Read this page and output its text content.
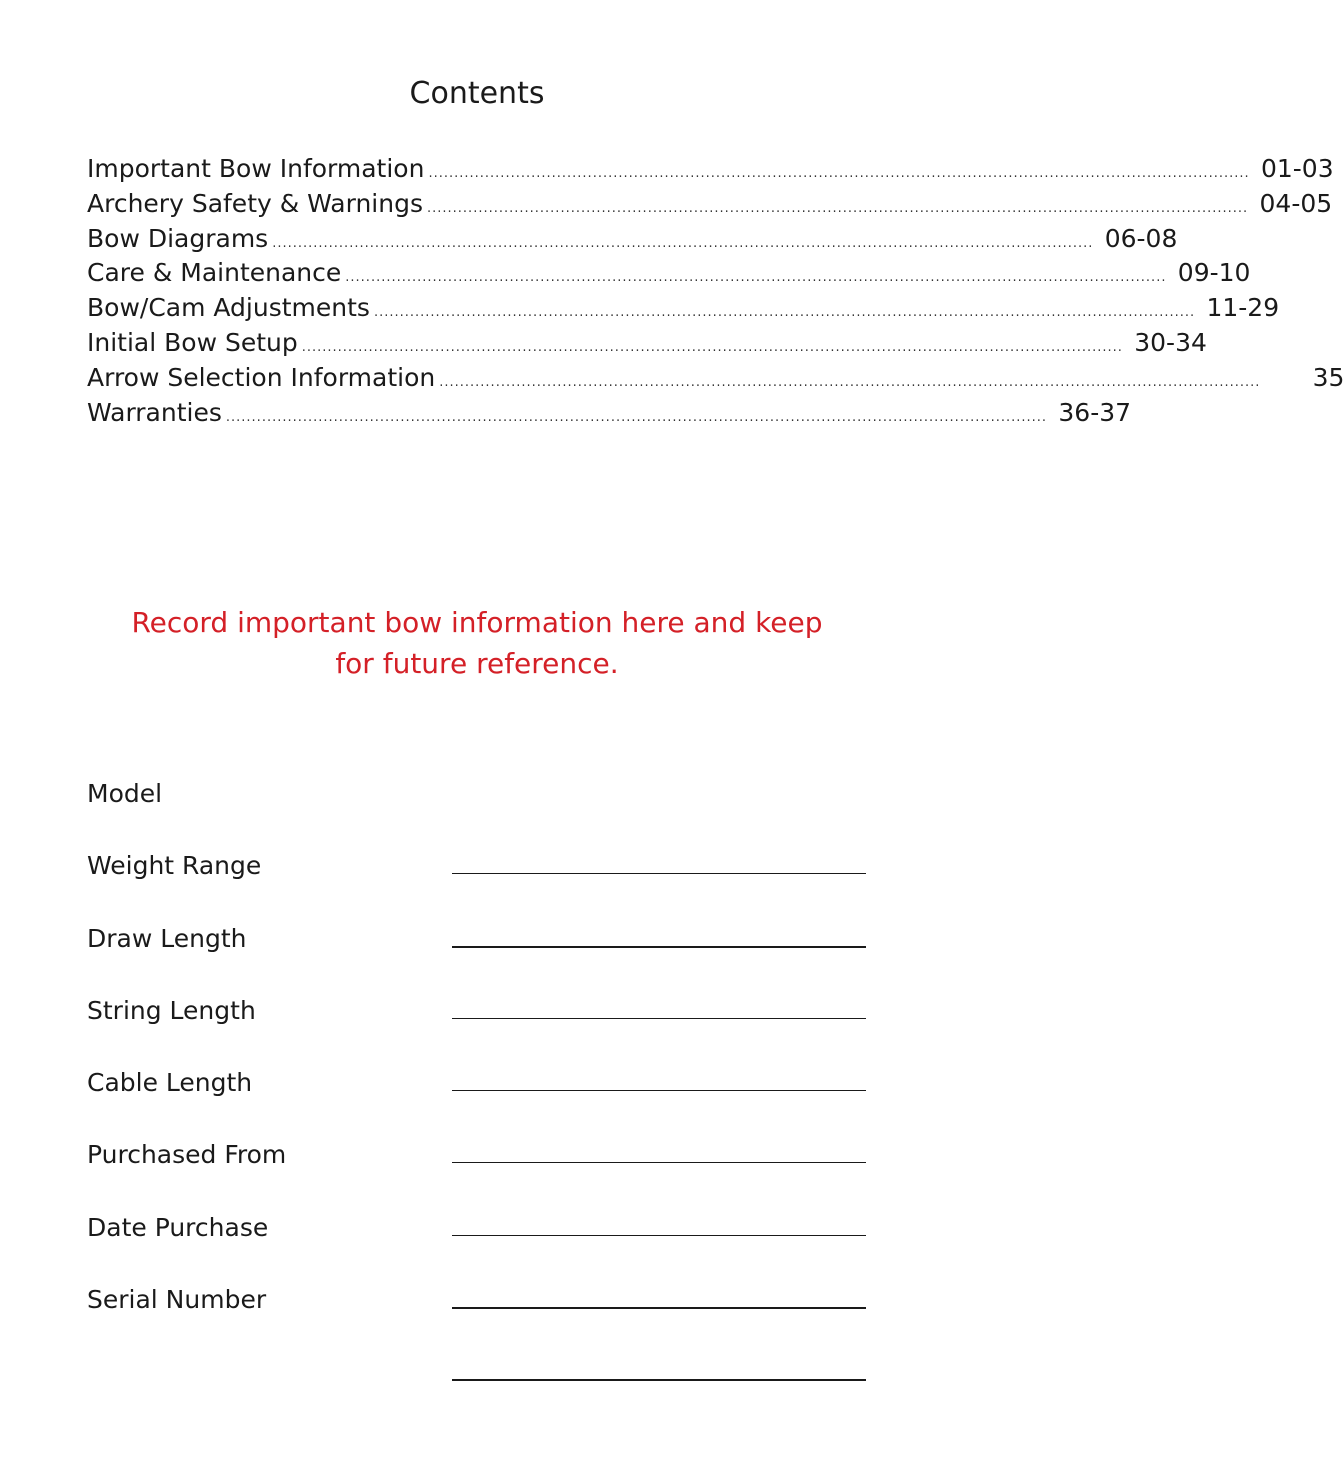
Contents
Important Bow Information ................................................................................................................................................................ 01-03
Archery Safety & Warnings ................................................................................................................................................................ 04-05
Bow Diagrams ................................................................................................................................................................ 06-08
Care & Maintenance ................................................................................................................................................................ 09-10
Bow/Cam Adjustments ................................................................................................................................................................ 11-29
Initial Bow Setup ................................................................................................................................................................ 30-34
Arrow Selection Information ................................................................................................................................................................	35
Warranties ................................................................................................................................................................ 36-37

Record important bow information here and keep
for future reference.

Model
Weight Range
Draw Length
String Length
Cable Length
Purchased From
Date Purchase
Serial Number
